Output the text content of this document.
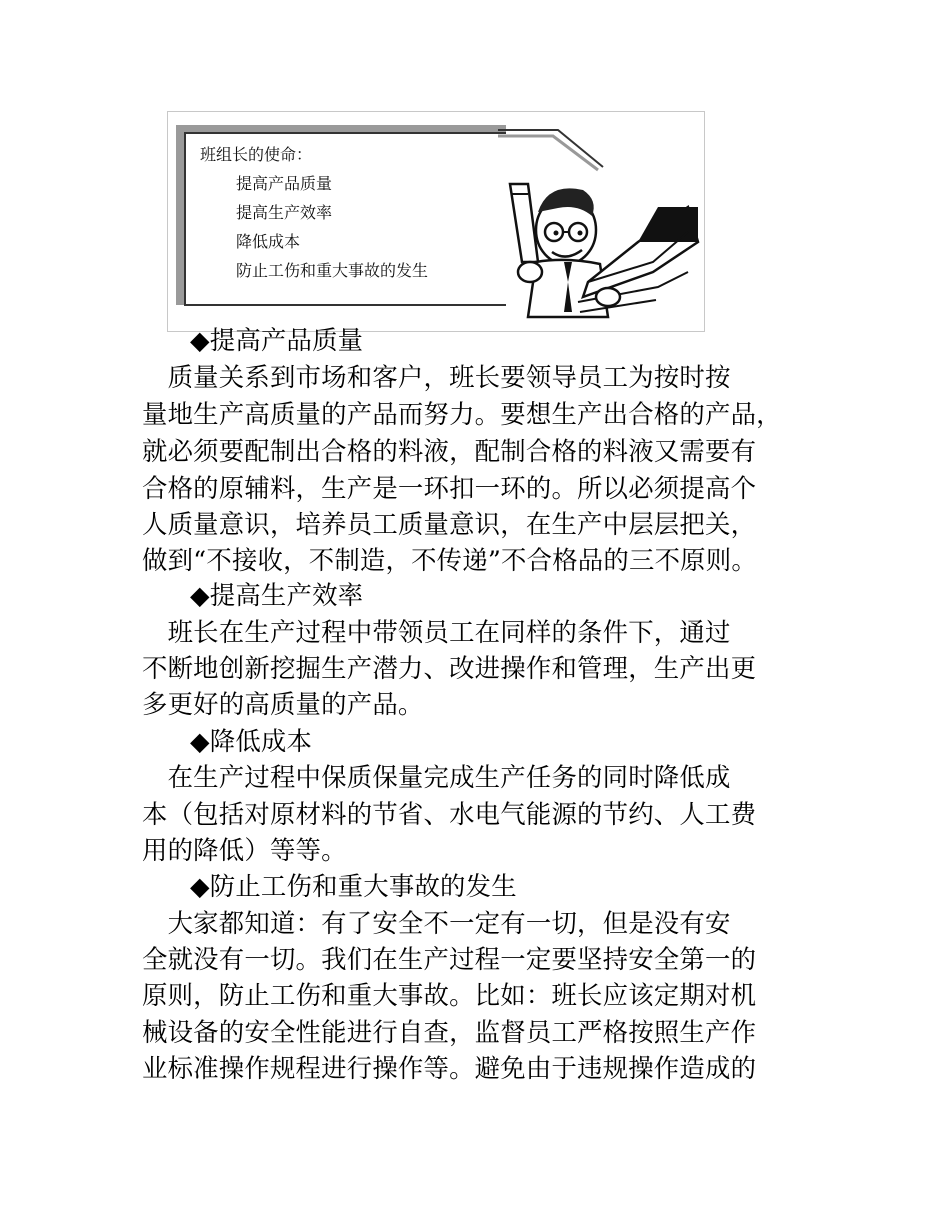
班组长的使命：
提高产品质量
提高生产效率
降低成本
防止工伤和重大事故的发生
◆提高产品质量
　质量关系到市场和客户，班长要领导员工为按时按
量地生产高质量的产品而努力。要想生产出合格的产品，
就必须要配制出合格的料液，配制合格的料液又需要有
合格的原辅料，生产是一环扣一环的。所以必须提高个
人质量意识，培养员工质量意识，在生产中层层把关，
做到“不接收，不制造，不传递”不合格品的三不原则。
◆提高生产效率
　班长在生产过程中带领员工在同样的条件下，通过
不断地创新挖掘生产潜力、改进操作和管理，生产出更
多更好的高质量的产品。
◆降低成本
　在生产过程中保质保量完成生产任务的同时降低成
本（包括对原材料的节省、水电气能源的节约、人工费
用的降低）等等。
◆防止工伤和重大事故的发生
　大家都知道：有了安全不一定有一切，但是没有安
全就没有一切。我们在生产过程一定要坚持安全第一的
原则，防止工伤和重大事故。比如：班长应该定期对机
械设备的安全性能进行自查，监督员工严格按照生产作
业标准操作规程进行操作等。避免由于违规操作造成的
